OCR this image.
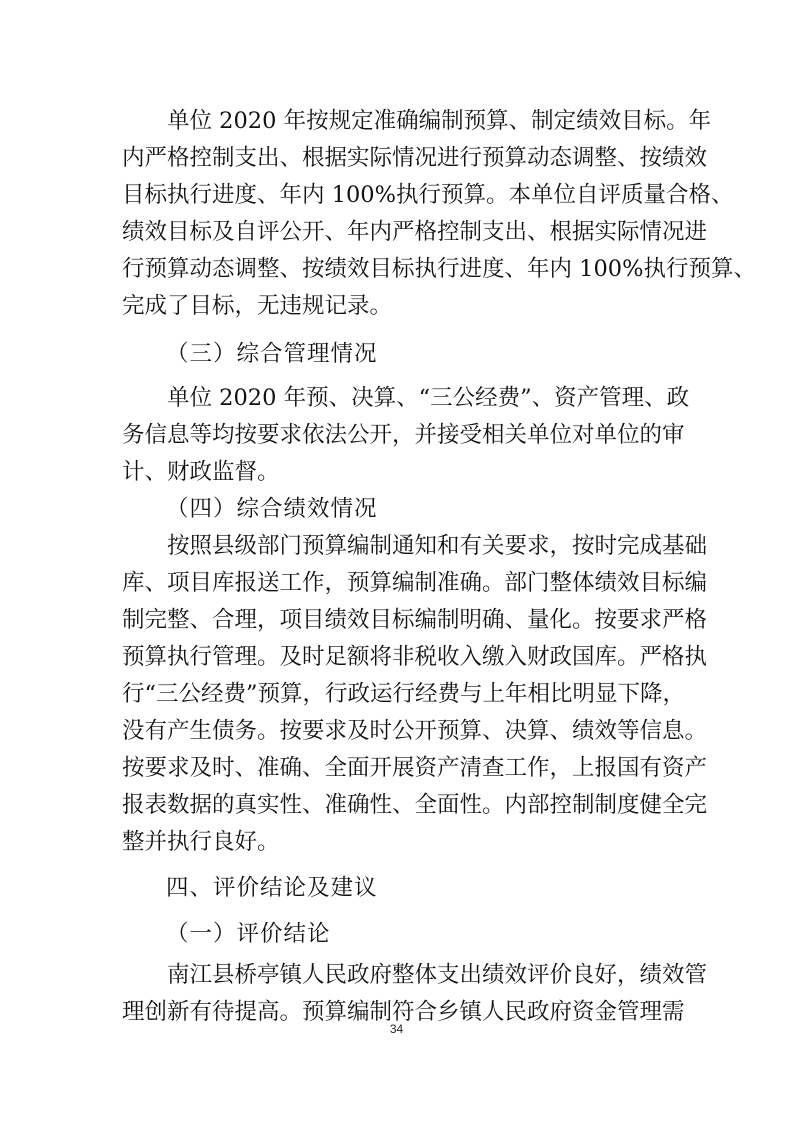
单位 2020 年按规定准确编制预算、制定绩效目标。年
内严格控制支出、根据实际情况进行预算动态调整、按绩效
目标执行进度、年内 100%执行预算。本单位自评质量合格、
绩效目标及自评公开、年内严格控制支出、根据实际情况进
行预算动态调整、按绩效目标执行进度、年内 100%执行预算、
完成了目标，无违规记录。
（三）综合管理情况
单位 2020 年预、决算、“三公经费”、资产管理、政
务信息等均按要求依法公开，并接受相关单位对单位的审
计、财政监督。
（四）综合绩效情况
按照县级部门预算编制通知和有关要求，按时完成基础
库、项目库报送工作，预算编制准确。部门整体绩效目标编
制完整、合理，项目绩效目标编制明确、量化。按要求严格
预算执行管理。及时足额将非税收入缴入财政国库。严格执
行“三公经费”预算，行政运行经费与上年相比明显下降，
没有产生债务。按要求及时公开预算、决算、绩效等信息。
按要求及时、准确、全面开展资产清查工作，上报国有资产
报表数据的真实性、准确性、全面性。内部控制制度健全完
整并执行良好。
四、评价结论及建议
（一）评价结论
南江县桥亭镇人民政府整体支出绩效评价良好，绩效管
理创新有待提高。预算编制符合乡镇人民政府资金管理需
34
